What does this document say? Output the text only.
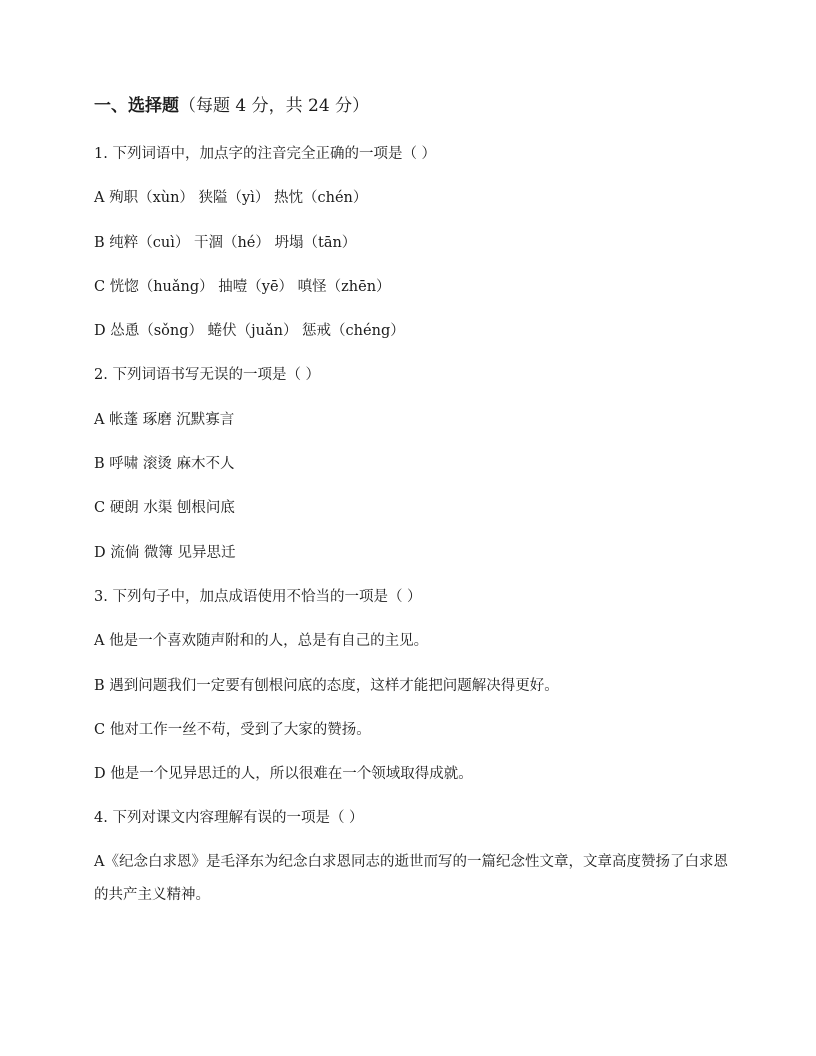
一、选择题（每题 4 分，共 24 分）
1. 下列词语中，加点字的注音完全正确的一项是（ ）
A 殉职（xùn） 狭隘（yì） 热忱（chén）
B 纯粹（cuì） 干涸（hé） 坍塌（tān）
C 恍惚（huǎng） 抽噎（yē） 嗔怪（zhēn）
D 怂恿（sǒng） 蜷伏（juǎn） 惩戒（chéng）
2. 下列词语书写无误的一项是（ ）
A 帐蓬 琢磨 沉默寡言
B 呼啸 滚烫 麻木不人
C 硬朗 水渠 刨根问底
D 流倘 微簿 见异思迁
3. 下列句子中，加点成语使用不恰当的一项是（ ）
A 他是一个喜欢随声附和的人，总是有自己的主见。
B 遇到问题我们一定要有刨根问底的态度，这样才能把问题解决得更好。
C 他对工作一丝不苟，受到了大家的赞扬。
D 他是一个见异思迁的人，所以很难在一个领域取得成就。
4. 下列对课文内容理解有误的一项是（ ）
A《纪念白求恩》是毛泽东为纪念白求恩同志的逝世而写的一篇纪念性文章，文章高度赞扬了白求恩的共产主义精神。
